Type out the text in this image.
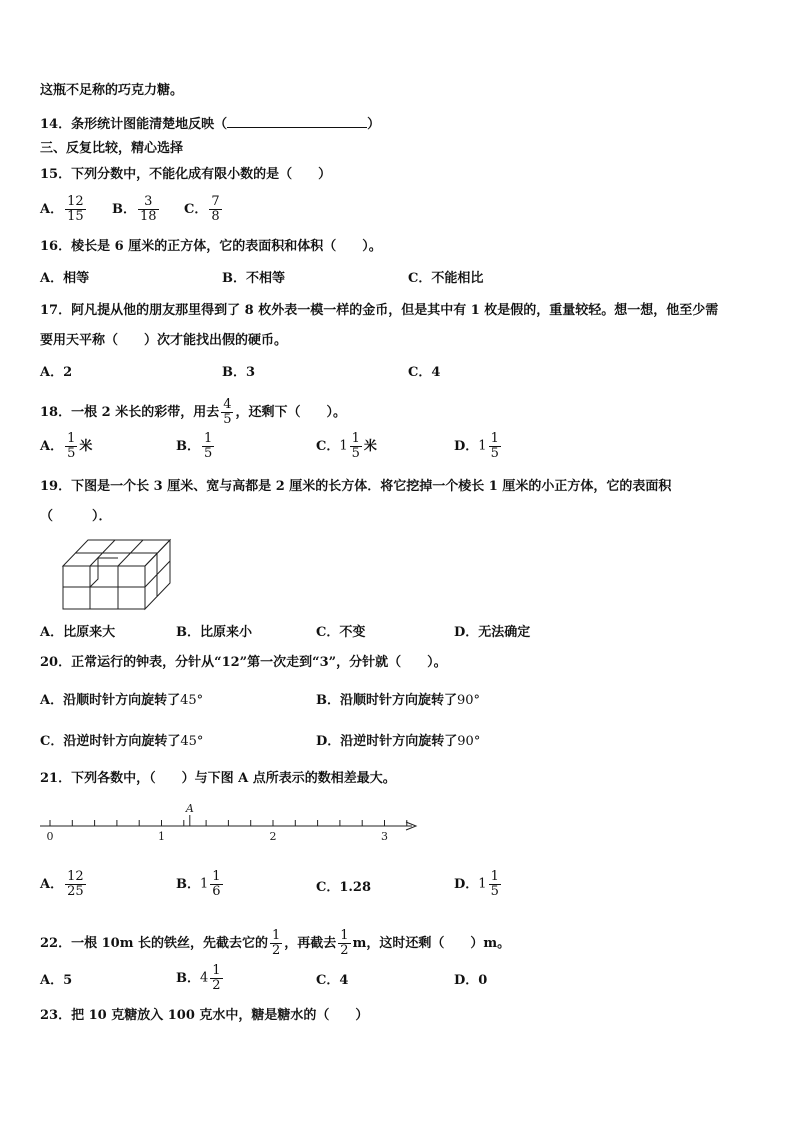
这瓶不足称的巧克力糖。
14．条形统计图能清楚地反映（	）
三、反复比较，精心选择
15．下列分数中，不能化成有限小数的是（　　）
A． $\frac{12}{15}$ B． $\frac{3}{18}$ C． $\frac{7}{8}$
16．棱长是 6 厘米的正方体，它的表面积和体积（　　）。
A．相等	B．不相等	C．不能相比
17．阿凡提从他的朋友那里得到了 8 枚外表一模一样的金币，但是其中有 1 枚是假的，重量较轻。想一想，他至少需
要用天平称（　　）次才能找出假的硬币。
A．2	B．3	C．4
18．一根 2 米长的彩带，用去 $\frac{4}{5}$ ，还剩下（　　）。
A． $\frac{1}{5}$ 米	B． $\frac{1}{5}$	C．$1 \frac{1}{5}$ 米	D．$1 \frac{1}{5}$
19．下图是一个长 3 厘米、宽与高都是 2 厘米的长方体．将它挖掉一个棱长 1 厘米的小正方体，它的表面积
（　　　）．
A．比原来大	B．比原来小	C．不变	D．无法确定
20．正常运行的钟表，分针从“12”第一次走到“3”，分针就（　　）。
A．沿顺时针方向旋转了45°	B．沿顺时针方向旋转了90°
C．沿逆时针方向旋转了45°	D．沿逆时针方向旋转了90°
21．下列各数中，（　　）与下图 A 点所表示的数相差最大。
0	1	2	3
A
A． $\frac{12}{25}$	B．$1 \frac{1}{6}$	C．1.28	D．$1 \frac{1}{5}$
22．一根 10m 长的铁丝，先截去它的 $\frac{1}{2}$ ，再截去 $\frac{1}{2}$ m，这时还剩（　　）m。
A．5	B．$4 \frac{1}{2}$	C．4	D．0
23．把 10 克糖放入 100 克水中，糖是糖水的（　　）
